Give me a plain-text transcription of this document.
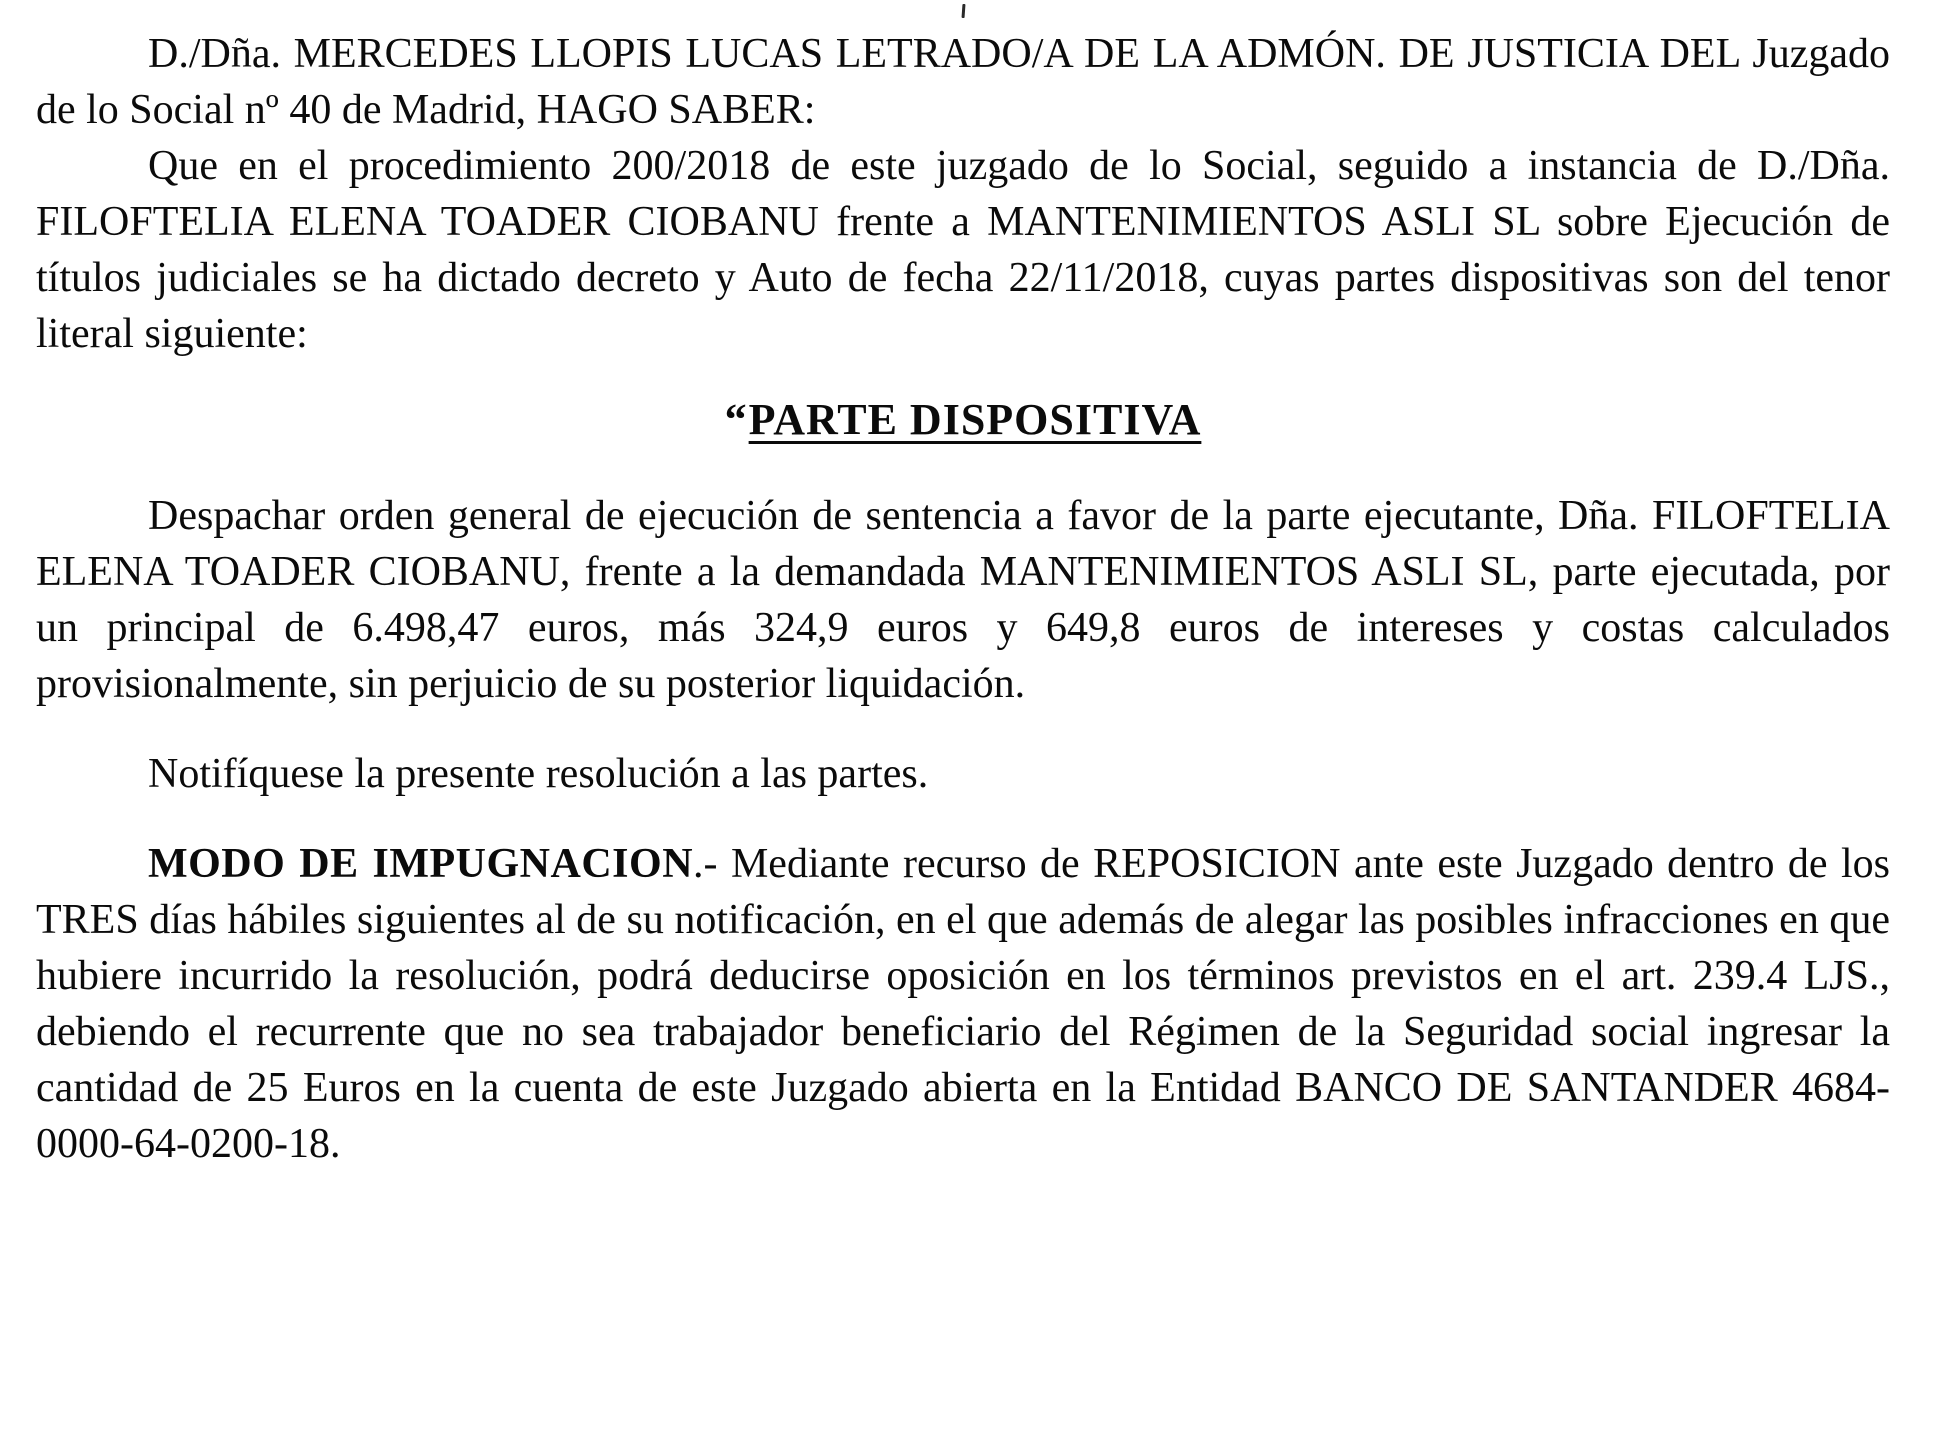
D./Dña. MERCEDES LLOPIS LUCAS LETRADO/A DE LA ADMÓN. DE JUSTICIA DEL Juzgado de lo Social nº 40 de Madrid, HAGO SABER:

Que en el procedimiento 200/2018 de este juzgado de lo Social, seguido a instancia de D./Dña. FILOFTELIA ELENA TOADER CIOBANU frente a MANTENIMIENTOS ASLI SL sobre Ejecución de títulos judiciales se ha dictado decreto y Auto de fecha 22/11/2018, cuyas partes dispositivas son del tenor literal siguiente:

“PARTE DISPOSITIVA

Despachar orden general de ejecución de sentencia a favor de la parte ejecutante, Dña. FILOFTELIA ELENA TOADER CIOBANU, frente a la demandada MANTENIMIENTOS ASLI SL, parte ejecutada, por un principal de 6.498,47 euros, más 324,9 euros y 649,8 euros de intereses y costas calculados provisionalmente, sin perjuicio de su posterior liquidación.

Notifíquese la presente resolución a las partes.

MODO DE IMPUGNACION.- Mediante recurso de REPOSICION ante este Juzgado dentro de los TRES días hábiles siguientes al de su notificación, en el que además de alegar las posibles infracciones en que hubiere incurrido la resolución, podrá deducirse oposición en los términos previstos en el art. 239.4 LJS., debiendo el recurrente que no sea trabajador beneficiario del Régimen de la Seguridad social ingresar la cantidad de 25 Euros en la cuenta de este Juzgado abierta en la Entidad BANCO DE SANTANDER 4684-0000-64-0200-18.
